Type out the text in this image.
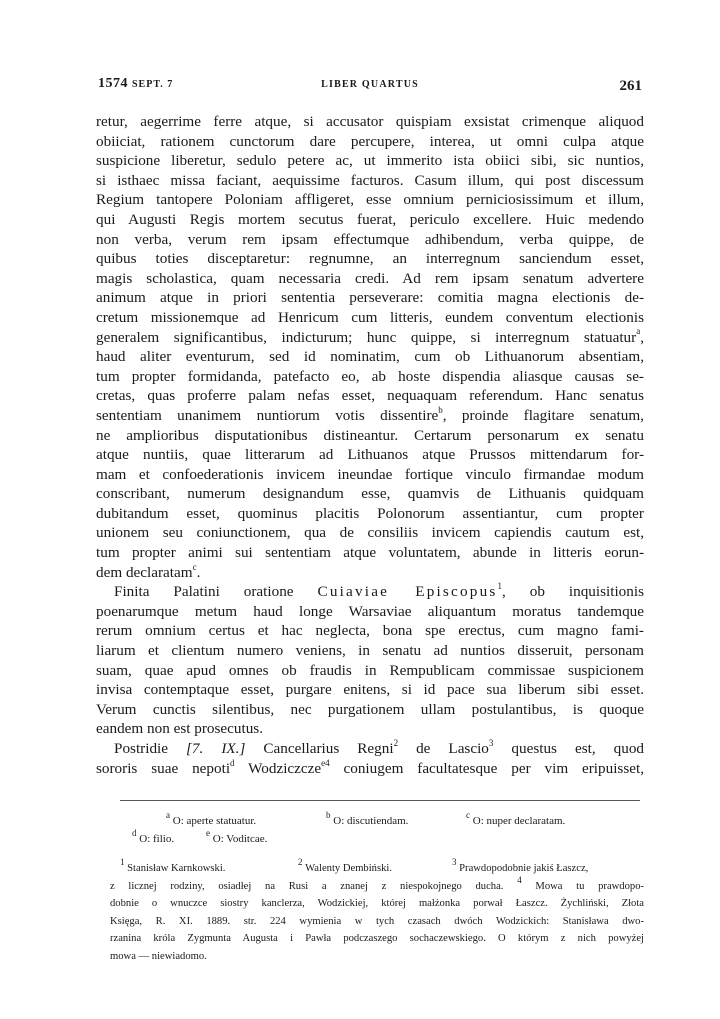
1574 SEPT. 7	LIBER QUARTUS	261
retur, aegerrime ferre atque, si accusator quispiam exsistat crimenque aliquod
obiiciat, rationem cunctorum dare percupere, interea, ut omni culpa atque
suspicione liberetur, sedulo petere ac, ut immerito ista obiici sibi, sic nuntios,
si isthaec missa faciant, aequissime facturos. Casum illum, qui post discessum
Regium tantopere Poloniam affligeret, esse omnium perniciosissimum et illum,
qui Augusti Regis mortem secutus fuerat, periculo excellere. Huic medendo
non verba, verum rem ipsam effectumque adhibendum, verba quippe, de
quibus toties disceptaretur: regnumne, an interregnum sanciendum esset,
magis scholastica, quam necessaria credi. Ad rem ipsam senatum advertere
animum atque in priori sententia perseverare: comitia magna electionis de-
cretum missionemque ad Henricum cum litteris, eundem conventum electionis
generalem significantibus, indicturum; hunc quippe, si interregnum statuatur$^a$,
haud aliter eventurum, sed id nominatim, cum ob Lithuanorum absentiam,
tum propter formidanda, patefacto eo, ab hoste dispendia aliasque causas se-
cretas, quas proferre palam nefas esset, nequaquam referendum. Hanc senatus
sententiam unanimem nuntiorum votis dissentire$^b$, proinde flagitare senatum,
ne amplioribus disputationibus distineantur. Certarum personarum ex senatu
atque nuntiis, quae litterarum ad Lithuanos atque Prussos mittendarum for-
mam et confoederationis invicem ineundae fortique vinculo firmandae modum
conscribant, numerum designandum esse, quamvis de Lithuanis quidquam
dubitandum esset, quominus placitis Polonorum assentiantur, cum propter
unionem seu coniunctionem, qua de consiliis invicem capiendis cautum est,
tum propter animi sui sententiam atque voluntatem, abunde in litteris eorun-
dem declaratam$^c$.
Finita Palatini oratione Cuiaviae Episcopus$^1$, ob inquisitionis
poenarumque metum haud longe Warsaviae aliquantum moratus tandemque
rerum omnium certus et hac neglecta, bona spe erectus, cum magno fami-
liarum et clientum numero veniens, in senatu ad nuntios disseruit, personam
suam, quae apud omnes ob fraudis in Rempublicam commissae suspicionem
invisa contemptaque esset, purgare enitens, si id pace sua liberum sibi esset.
Verum cunctis silentibus, nec purgationem ullam postulantibus, is quoque
eandem non est prosecutus.
Postridie [7. IX.] Cancellarius Regni$^2$ de Lascio$^3$ questus est, quod
sororis suae nepoti$^d$ Wodziczcze$^{e4}$ coniugem facultatesque per vim eripuisset,
$^a$ O: aperte statuatur.	$^b$ O: discutiendam.	$^c$ O: nuper declaratam.
$^d$ O: filio.	$^e$ O: Voditcae.
$^1$ Stanisław Karnkowski.
$^2$ Walenty Dembiński.
$^3$ Prawdopodobnie jakiś Łaszcz,
z licznej rodziny, osiadłej na Rusi a znanej z niespokojnego ducha. $^4$ Mowa tu prawdopo-
dobnie o wnuczce siostry kanclerza, Wodzickiej, której małżonka porwał Łaszcz. Żychliński, Złota
Księga, R. XI. 1889. str. 224 wymienia w tych czasach dwóch Wodzickich: Stanisława dwo-
rzanina króla Zygmunta Augusta i Pawła podczaszego sochaczewskiego. O którym z nich powyżej
mowa — niewiadomo.
